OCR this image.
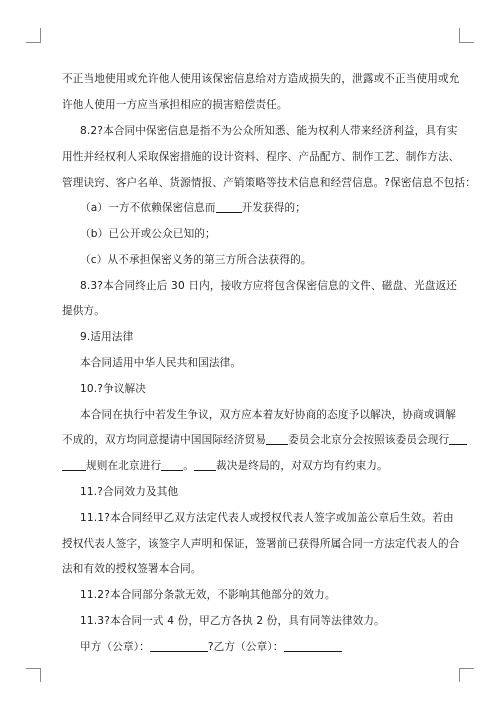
不正当地使用或允许他人使用该保密信息给对方造成损失的，泄露或不正当使用或允
许他人使用一方应当承担相应的损害赔偿责任。
8.2?本合同中保密信息是指不为公众所知悉、能为权利人带来经济利益，具有实
用性并经权利人采取保密措施的设计资料、程序、产品配方、制作工艺、制作方法、
管理诀窍、客户名单、货源情报、产销策略等技术信息和经营信息。?保密信息不包括：
（a）一方不依赖保密信息而 开发获得的；
（b）已公开或公众已知的；
（c）从不承担保密义务的第三方所合法获得的。
8.3?本合同终止后 30 日内，接收方应将包含保密信息的文件、磁盘、光盘返还
提供方。
9.适用法律
本合同适用中华人民共和国法律。
10.?争议解决
本合同在执行中若发生争议，双方应本着友好协商的态度予以解决，协商或调解
不成的，双方均同意提请中国国际经济贸易 委员会北京分会按照该委员会现行
规则在北京进行 。 裁决是终局的，对双方均有约束力。
11.?合同效力及其他
11.1?本合同经甲乙双方法定代表人或授权代表人签字或加盖公章后生效。若由
授权代表人签字，该签字人声明和保证，签署前已获得所属合同一方法定代表人的合
法和有效的授权签署本合同。
11.2?本合同部分条款无效，不影响其他部分的效力。
11.3?本合同一式 4 份，甲乙方各执 2 份，具有同等法律效力。
甲方（公章）：	?乙方（公章）：
